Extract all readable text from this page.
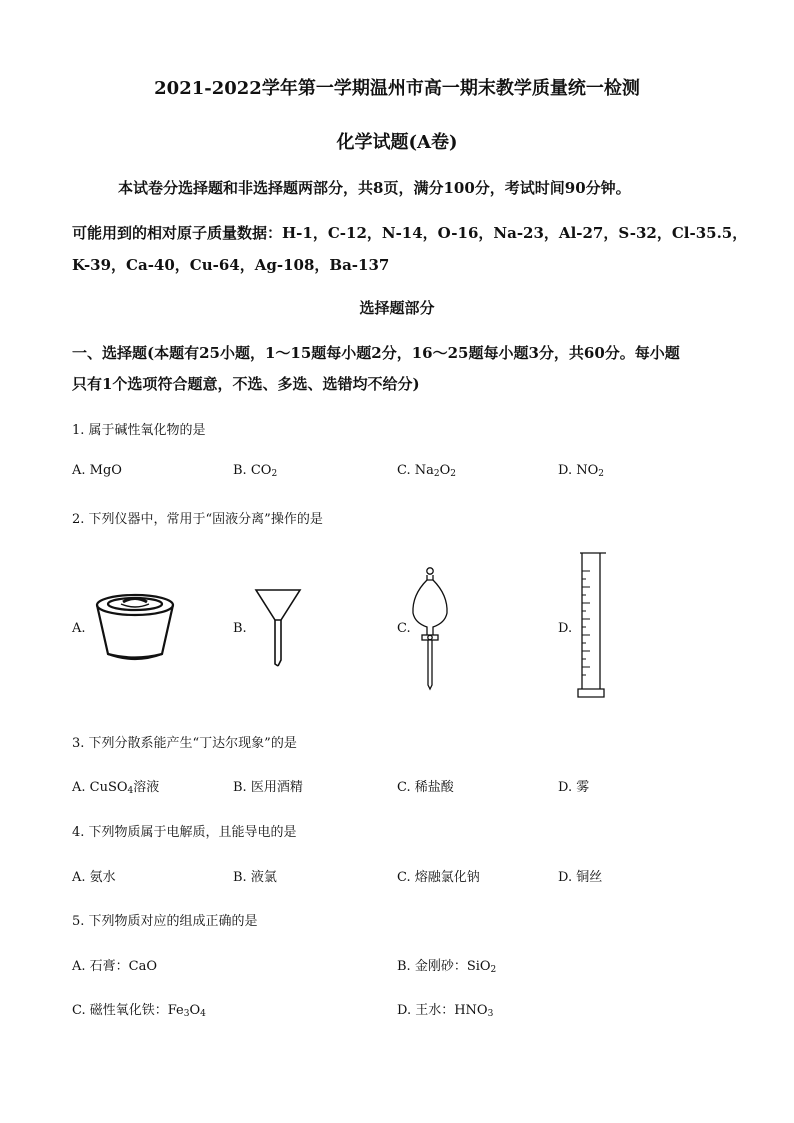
2021-2022学年第一学期温州市高一期末教学质量统一检测
化学试题(A卷)
本试卷分选择题和非选择题两部分，共8页，满分100分，考试时间90分钟。
可能用到的相对原子质量数据：H-1，C-12，N-14，O-16，Na-23，Al-27，S-32，Cl-35.5，
K-39，Ca-40，Cu-64，Ag-108，Ba-137
选择题部分
一、选择题(本题有25小题，1～15题每小题2分，16～25题每小题3分，共60分。每小题
只有1个选项符合题意，不选、多选、选错均不给分)
1. 属于碱性氧化物的是
A. MgO	B. $CO_2$	C. $Na_2O_2$	D. $NO_2$
2. 下列仪器中，常用于“固液分离”操作的是
A.	B.	C.	D.
3. 下列分散系能产生“丁达尔现象”的是
A. CuSO$_4$溶液	B. 医用酒精	C. 稀盐酸	D. 雾
4. 下列物质属于电解质，且能导电的是
A. 氨水	B. 液氯	C. 熔融氯化钠	D. 铜丝
5. 下列物质对应的组成正确的是
A. 石膏：CaO	B. 金刚砂：SiO$_2$
C. 磁性氧化铁：$Fe_3O_4$	D. 王水：$HNO_3$
